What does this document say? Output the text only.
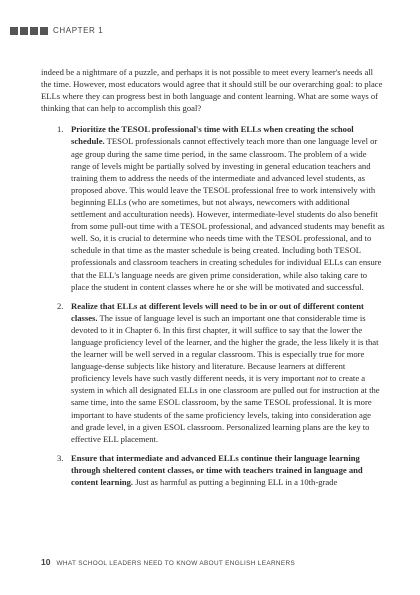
CHAPTER 1

indeed be a nightmare of a puzzle, and perhaps it is not possible to meet every learner's needs all the time. However, most educators would agree that it should still be our overarching goal: to place ELLs where they can progress best in both language and content learning. What are some ways of thinking that can help to accomplish this goal?

1. Prioritize the TESOL professional's time with ELLs when creating the school schedule. TESOL professionals cannot effectively teach more than one language level or age group during the same time period, in the same classroom. The problem of a wide range of levels might be partially solved by investing in general education teachers and training them to address the needs of the intermediate and advanced level students, as proposed above. This would leave the TESOL professional free to work intensively with beginning ELLs (who are sometimes, but not always, newcomers with additional settlement and acculturation needs). However, intermediate-level students do also benefit from some pull-out time with a TESOL professional, and advanced students may benefit as well. So, it is crucial to determine who needs time with the TESOL professional, and to schedule in that time as the master schedule is being created. Including both TESOL professionals and classroom teachers in creating schedules for individual ELLs can ensure that the ELL's language needs are given prime consideration, while also taking care to place the student in content classes where he or she will be motivated and successful.
2. Realize that ELLs at different levels will need to be in or out of different content classes. The issue of language level is such an important one that considerable time is devoted to it in Chapter 6. In this first chapter, it will suffice to say that the lower the language proficiency level of the learner, and the higher the grade, the less likely it is that the learner will be well served in a regular classroom. This is especially true for more language-dense subjects like history and literature. Because learners at different proficiency levels have such vastly different needs, it is very important not to create a system in which all designated ELLs in one classroom are pulled out for instruction at the same time, into the same ESOL classroom, by the same TESOL professional. It is more important to have students of the same proficiency levels, taking into consideration age and grade level, in a given ESOL classroom. Personalized learning plans are the key to effective ELL placement.
3. Ensure that intermediate and advanced ELLs continue their language learning through sheltered content classes, or time with teachers trained in language and content learning. Just as harmful as putting a beginning ELL in a 10th-grade
10 WHAT SCHOOL LEADERS NEED TO KNOW ABOUT ENGLISH LEARNERS
